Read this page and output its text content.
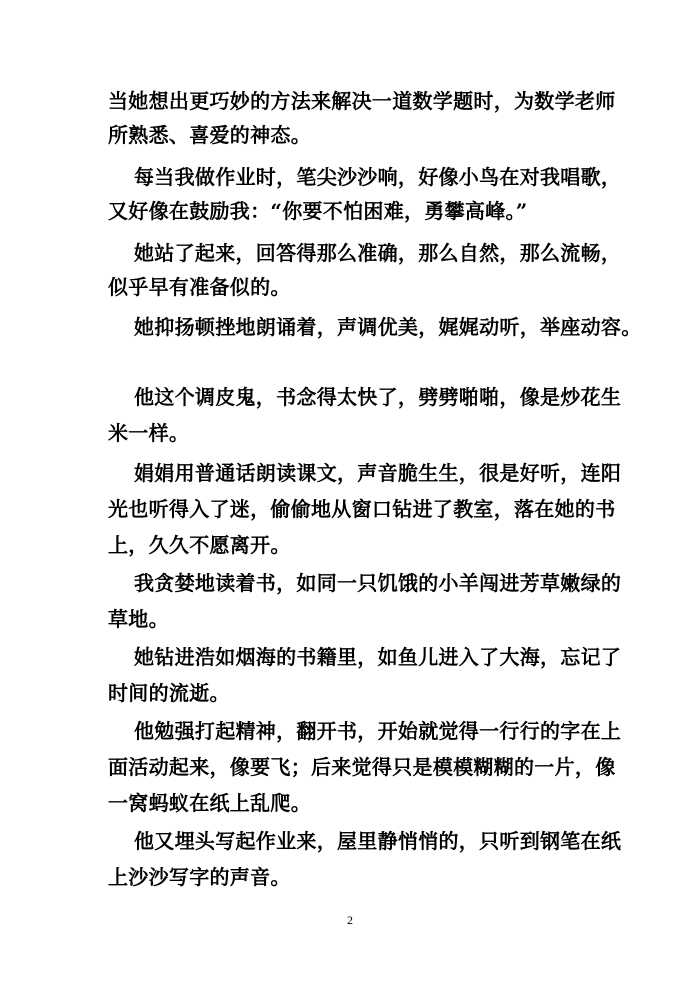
当她想出更巧妙的方法来解决一道数学题时，为数学老师
所熟悉、喜爱的神态。
每当我做作业时，笔尖沙沙响，好像小鸟在对我唱歌，
又好像在鼓励我：“你要不怕困难，勇攀高峰。”
她站了起来，回答得那么准确，那么自然，那么流畅，
似乎早有准备似的。
她抑扬顿挫地朗诵着，声调优美，娓娓动听，举座动容。
他这个调皮鬼，书念得太快了，劈劈啪啪，像是炒花生
米一样。
娟娟用普通话朗读课文，声音脆生生，很是好听，连阳
光也听得入了迷，偷偷地从窗口钻进了教室，落在她的书
上，久久不愿离开。
我贪婪地读着书，如同一只饥饿的小羊闯进芳草嫩绿的
草地。
她钻进浩如烟海的书籍里，如鱼儿进入了大海，忘记了
时间的流逝。
他勉强打起精神，翻开书，开始就觉得一行行的字在上
面活动起来，像要飞；后来觉得只是模模糊糊的一片，像
一窝蚂蚁在纸上乱爬。
他又埋头写起作业来，屋里静悄悄的，只听到钢笔在纸
上沙沙写字的声音。
2
